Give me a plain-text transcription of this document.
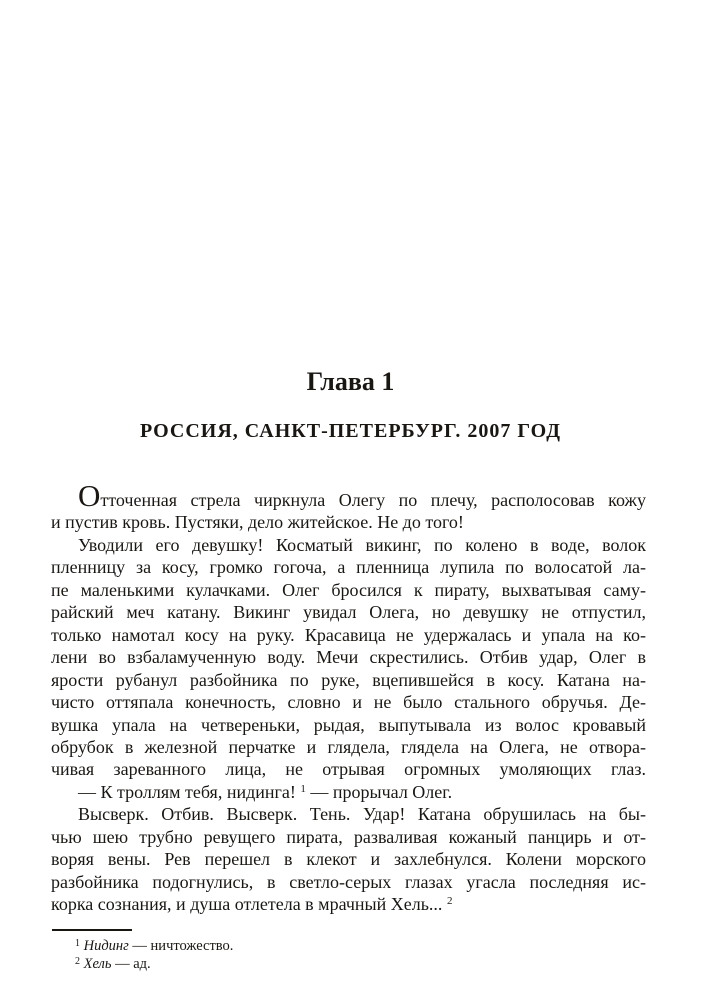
Глава 1
РОССИЯ, САНКТ-ПЕТЕРБУРГ. 2007 ГОД
Отточенная стрела чиркнула Олегу по плечу, располосовав кожу
и пустив кровь. Пустяки, дело житейское. Не до того!
Уводили его девушку! Косматый викинг, по колено в воде, волок
пленницу за косу, громко гогоча, а пленница лупила по волосатой ла-
пе маленькими кулачками. Олег бросился к пирату, выхватывая саму-
райский меч катану. Викинг увидал Олега, но девушку не отпустил,
только намотал косу на руку. Красавица не удержалась и упала на ко-
лени во взбаламученную воду. Мечи скрестились. Отбив удар, Олег в
ярости рубанул разбойника по руке, вцепившейся в косу. Катана на-
чисто оттяпала конечность, словно и не было стального обручья. Де-
вушка упала на четвереньки, рыдая, выпутывала из волос кровавый
обрубок в железной перчатке и глядела, глядела на Олега, не отвора-
чивая зареванного лица, не отрывая огромных умоляющих глаз.
— К троллям тебя, нидинга! $^1$ — прорычал Олег.
Высверк. Отбив. Высверк. Тень. Удар! Катана обрушилась на бы-
чью шею трубно ревущего пирата, разваливая кожаный панцирь и от-
воряя вены. Рев перешел в клекот и захлебнулся. Колени морского
разбойника подогнулись, в светло-серых глазах угасла последняя ис-
корка сознания, и душа отлетела в мрачный Хель... $^2$
$^1$ Нидинг — ничтожество.
$^2$ Хель — ад.
